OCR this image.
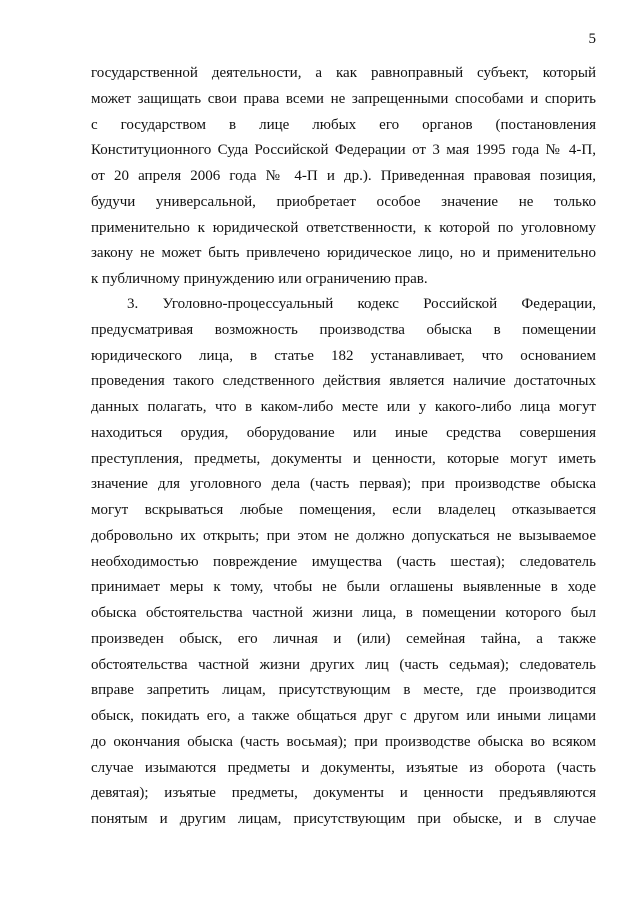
5
государственной деятельности, а как равноправный субъект, который
может защищать свои права всеми не запрещенными способами и спорить
с государством в лице любых его органов (постановления
Конституционного Суда Российской Федерации от 3 мая 1995 года № 4-П,
от 20 апреля 2006 года № 4-П и др.). Приведенная правовая позиция,
будучи универсальной, приобретает особое значение не только
применительно к юридической ответственности, к которой по уголовному
закону не может быть привлечено юридическое лицо, но и применительно
к публичному принуждению или ограничению прав.
3. Уголовно-процессуальный кодекс Российской Федерации,
предусматривая возможность производства обыска в помещении
юридического лица, в статье 182 устанавливает, что основанием
проведения такого следственного действия является наличие достаточных
данных полагать, что в каком-либо месте или у какого-либо лица могут
находиться орудия, оборудование или иные средства совершения
преступления, предметы, документы и ценности, которые могут иметь
значение для уголовного дела (часть первая); при производстве обыска
могут вскрываться любые помещения, если владелец отказывается
добровольно их открыть; при этом не должно допускаться не вызываемое
необходимостью повреждение имущества (часть шестая); следователь
принимает меры к тому, чтобы не были оглашены выявленные в ходе
обыска обстоятельства частной жизни лица, в помещении которого был
произведен обыск, его личная и (или) семейная тайна, а также
обстоятельства частной жизни других лиц (часть седьмая); следователь
вправе запретить лицам, присутствующим в месте, где производится
обыск, покидать его, а также общаться друг с другом или иными лицами
до окончания обыска (часть восьмая); при производстве обыска во всяком
случае изымаются предметы и документы, изъятые из оборота (часть
девятая); изъятые предметы, документы и ценности предъявляются
понятым и другим лицам, присутствующим при обыске, и в случае
